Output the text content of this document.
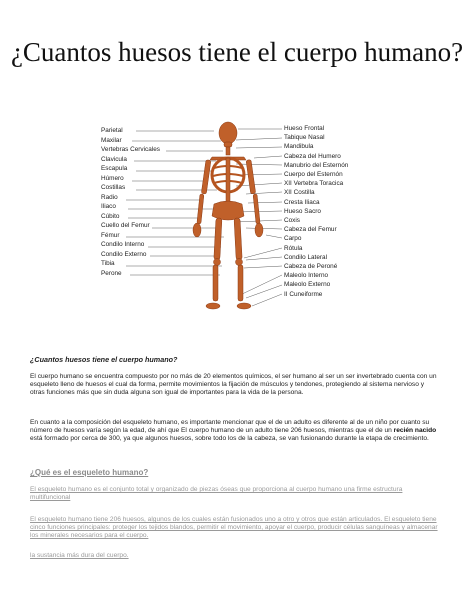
¿Cuantos huesos tiene el cuerpo humano?
Parietal
Maxilar
Vertebras Cervicales
Clavicula
Escapula
Húmero
Costillas
Radio
Iliaco
Cúbito
Cuello del Femur
Fémur
Condilo Interno
Condilo Externo
Tibia
Perone
Hueso Frontal
Tabique Nasal
Mandibula
Cabeza del Humero
Manubrio del Esternón
Cuerpo del Esternón
XII Vertebra Toracica
XII Costilla
Cresta Iliaca
Hueso Sacro
Coxis
Cabeza del Femur
Carpo
Rótula
Condilo Lateral
Cabeza de Peroné
Maleolo Interno
Maleolo Externo
II Cuneiforme
¿Cuantos huesos tiene el cuerpo humano?

El cuerpo humano se encuentra compuesto por no más de 20 elementos químicos, el ser humano al ser un ser invertebrado cuenta con un esqueleto lleno de huesos el cual da forma, permite movimientos la fijación de músculos y tendones, protegiendo al sistema nervioso y otras funciones más que sin duda alguna son igual de importantes para la vida de la persona.

En cuanto a la composición del esqueleto humano, es importante mencionar que el de un adulto es diferente al de un niño por cuanto su número de huesos varía según la edad, de ahí que El cuerpo humano de un adulto tiene 206 huesos, mientras que el de un recién nacido está formado por cerca de 300, ya que algunos huesos, sobre todo los de la cabeza, se van fusionando durante la etapa de crecimiento.

¿Qué es el esqueleto humano?

El esqueleto humano es el conjunto total y organizado de piezas óseas que proporciona al cuerpo humano una firme estructura multifuncional

El esqueleto humano tiene 206 huesos, algunos de los cuales están fusionados uno a otro y otros que están articulados. El esqueleto tiene cinco funciones principales: proteger los tejidos blandos, permitir el movimiento, apoyar el cuerpo, producir células sanguíneas y almacenar los minerales necesarios para el cuerpo.

la sustancia más dura del cuerpo.
